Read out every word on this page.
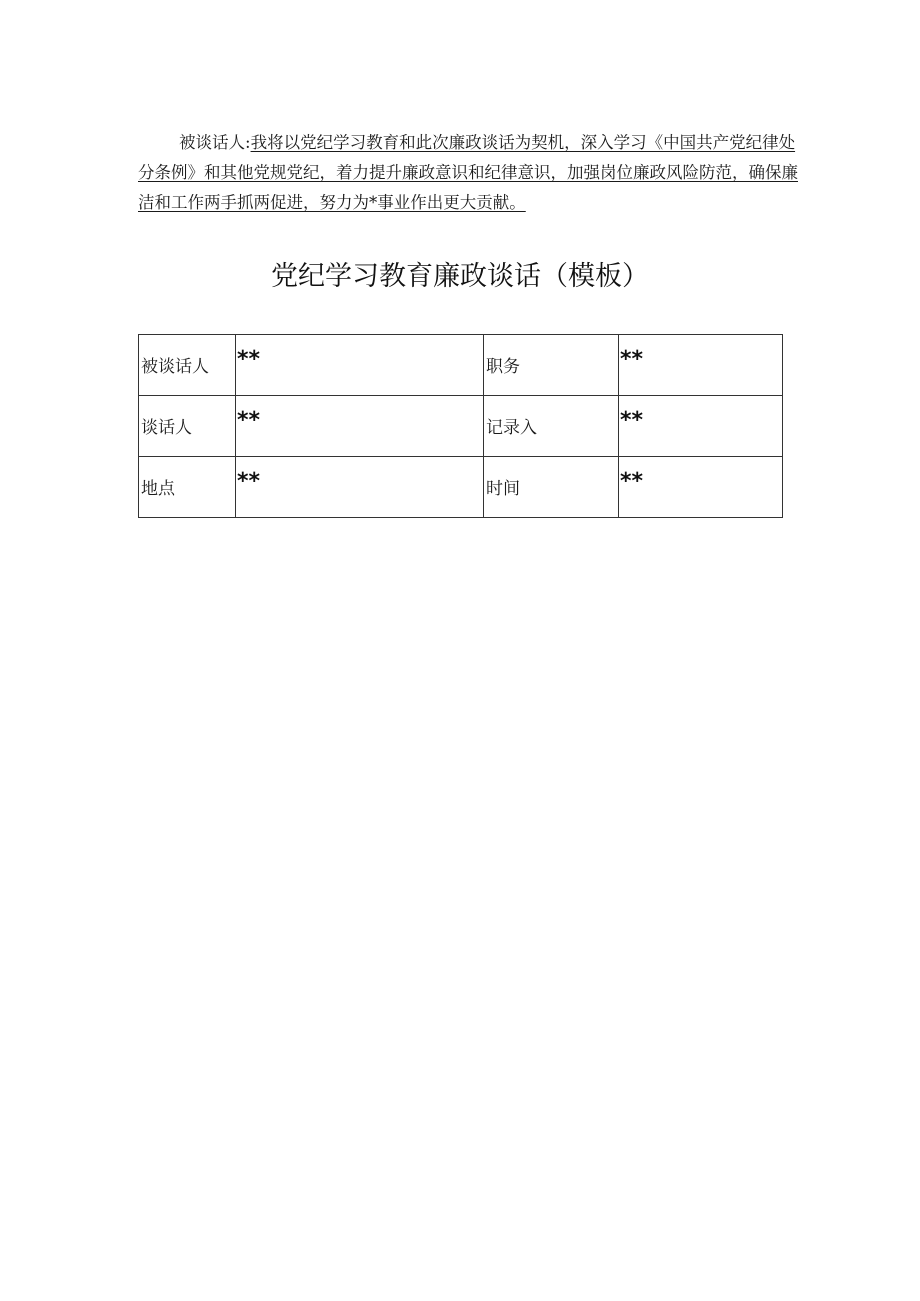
被谈话人:我将以党纪学习教育和此次廉政谈话为契机，深入学习《中国共产党纪律处分条例》和其他党规党纪，着力提升廉政意识和纪律意识，加强岗位廉政风险防范，确保廉洁和工作两手抓两促进，努力为*事业作出更大贡献。
党纪学习教育廉政谈话（模板）
被谈话人	**	职务	**

谈话人	**	记录入	**

地点	**	时间	**
